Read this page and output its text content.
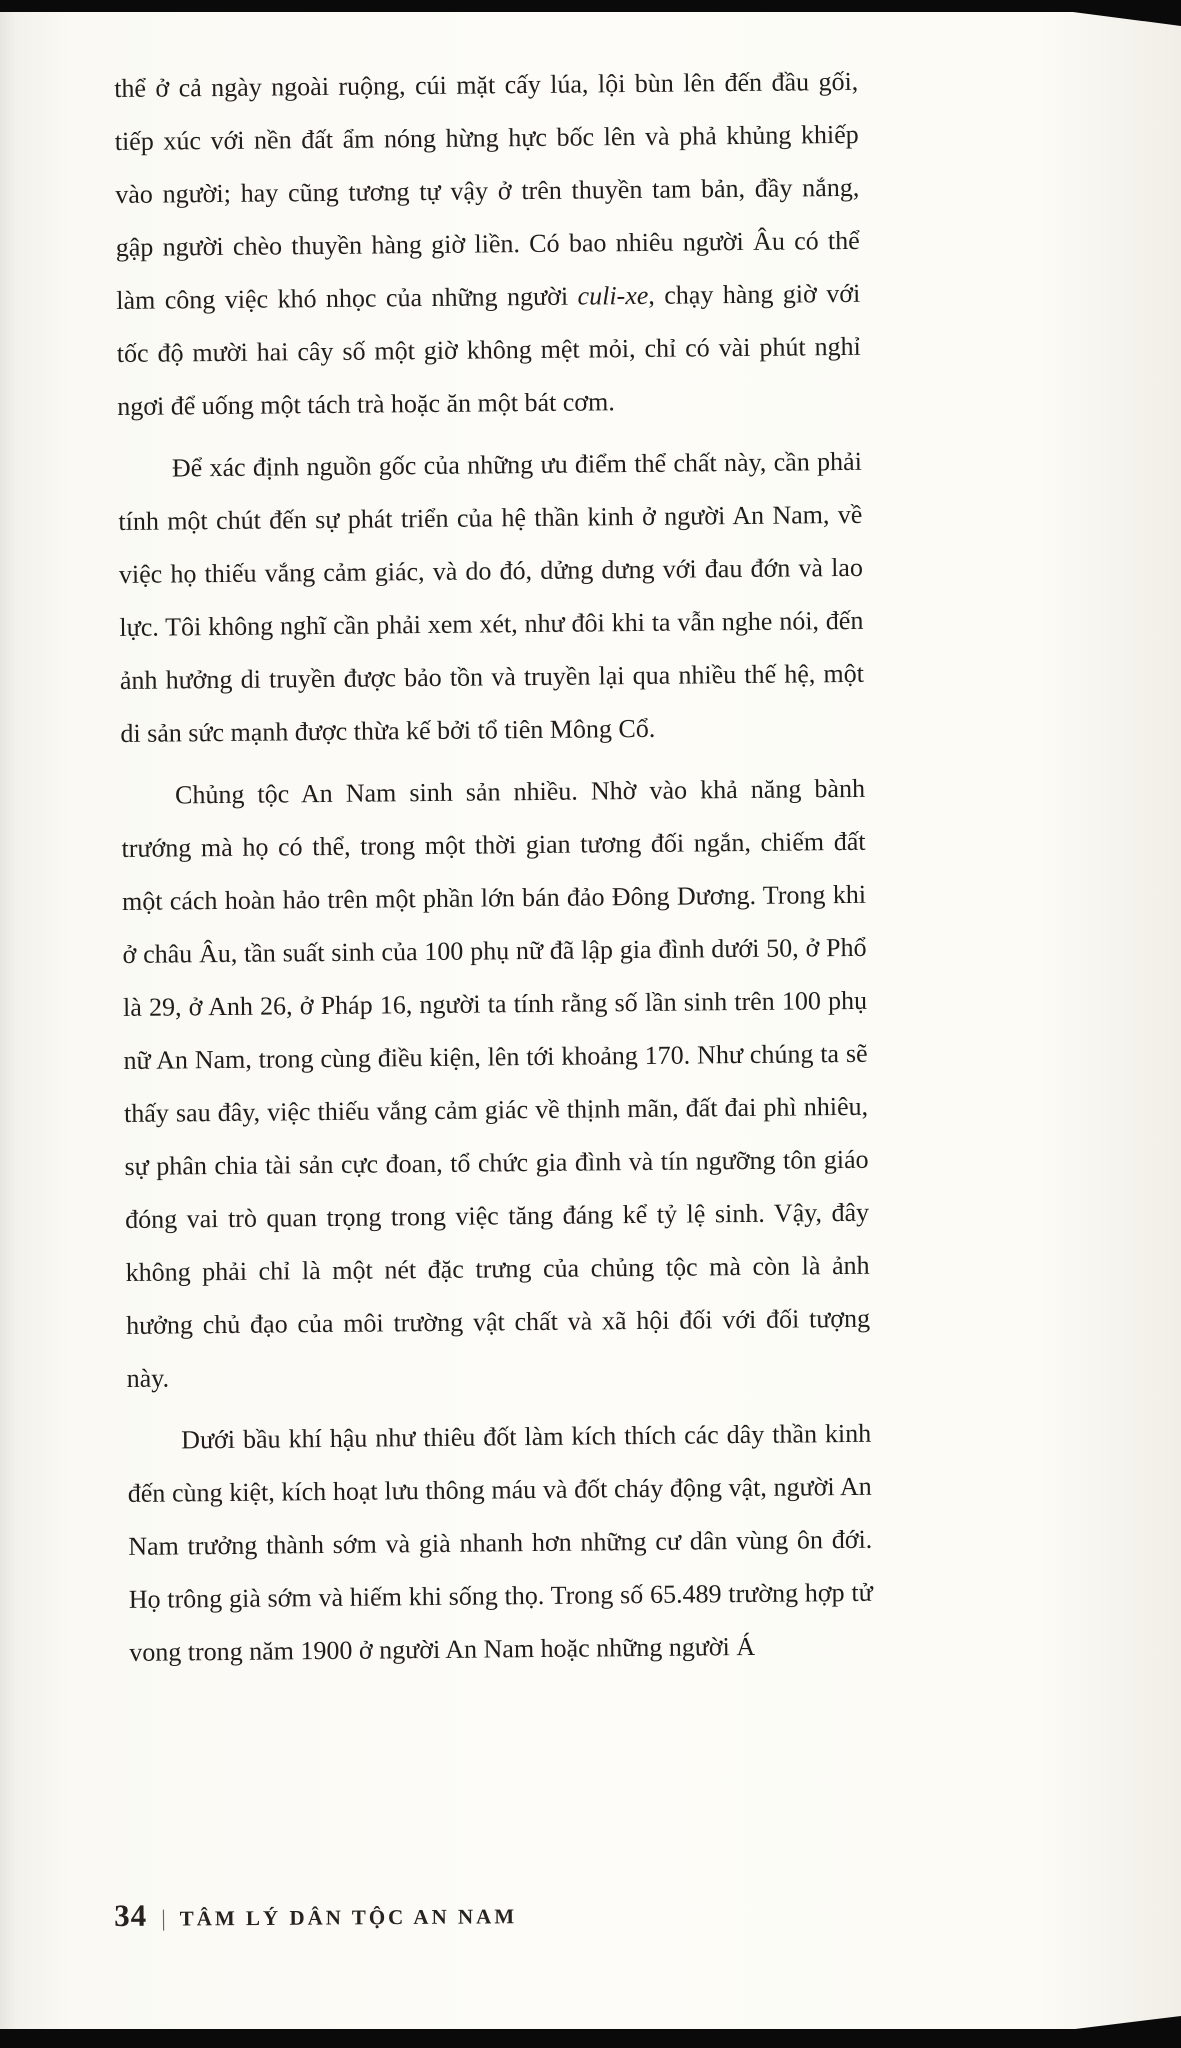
thể ở cả ngày ngoài ruộng, cúi mặt cấy lúa, lội bùn lên đến đầu gối, tiếp xúc với nền đất ẩm nóng hừng hực bốc lên và phả khủng khiếp vào người; hay cũng tương tự vậy ở trên thuyền tam bản, đầy nắng, gập người chèo thuyền hàng giờ liền. Có bao nhiêu người Âu có thể làm công việc khó nhọc của những người culi-xe, chạy hàng giờ với tốc độ mười hai cây số một giờ không mệt mỏi, chỉ có vài phút nghỉ ngơi để uống một tách trà hoặc ăn một bát cơm.

Để xác định nguồn gốc của những ưu điểm thể chất này, cần phải tính một chút đến sự phát triển của hệ thần kinh ở người An Nam, về việc họ thiếu vắng cảm giác, và do đó, dửng dưng với đau đớn và lao lực. Tôi không nghĩ cần phải xem xét, như đôi khi ta vẫn nghe nói, đến ảnh hưởng di truyền được bảo tồn và truyền lại qua nhiều thế hệ, một di sản sức mạnh được thừa kế bởi tổ tiên Mông Cổ.

Chủng tộc An Nam sinh sản nhiều. Nhờ vào khả năng bành trướng mà họ có thể, trong một thời gian tương đối ngắn, chiếm đất một cách hoàn hảo trên một phần lớn bán đảo Đông Dương. Trong khi ở châu Âu, tần suất sinh của 100 phụ nữ đã lập gia đình dưới 50, ở Phổ là 29, ở Anh 26, ở Pháp 16, người ta tính rằng số lần sinh trên 100 phụ nữ An Nam, trong cùng điều kiện, lên tới khoảng 170. Như chúng ta sẽ thấy sau đây, việc thiếu vắng cảm giác về thịnh mãn, đất đai phì nhiêu, sự phân chia tài sản cực đoan, tổ chức gia đình và tín ngưỡng tôn giáo đóng vai trò quan trọng trong việc tăng đáng kể tỷ lệ sinh. Vậy, đây không phải chỉ là một nét đặc trưng của chủng tộc mà còn là ảnh hưởng chủ đạo của môi trường vật chất và xã hội đối với đối tượng này.

Dưới bầu khí hậu như thiêu đốt làm kích thích các dây thần kinh đến cùng kiệt, kích hoạt lưu thông máu và đốt cháy động vật, người An Nam trưởng thành sớm và già nhanh hơn những cư dân vùng ôn đới. Họ trông già sớm và hiếm khi sống thọ. Trong số 65.489 trường hợp tử vong trong năm 1900 ở người An Nam hoặc những người Á

34 | TÂM LÝ DÂN TỘC AN NAM
